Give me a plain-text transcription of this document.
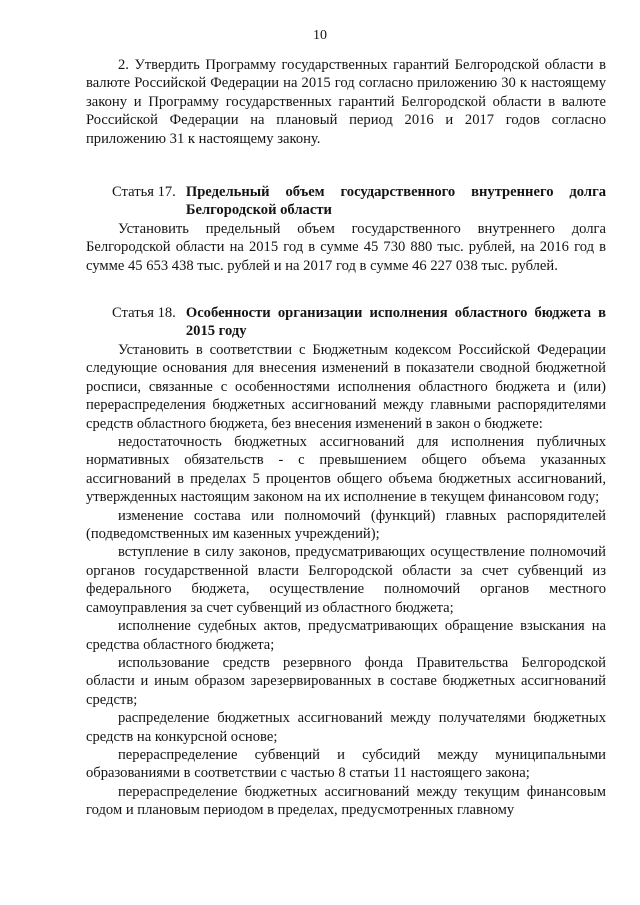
10

2. Утвердить Программу государственных гарантий Белгородской области в валюте Российской Федерации на 2015 год согласно приложению 30 к настоящему закону и Программу государственных гарантий Белгородской области в валюте Российской Федерации на плановый период 2016 и 2017 годов согласно приложению 31 к настоящему закону.

Статья 17. Предельный объем государственного внутреннего долга Белгородской области

Установить предельный объем государственного внутреннего долга Белгородской области на 2015 год в сумме 45 730 880 тыс. рублей, на 2016 год в сумме 45 653 438 тыс. рублей и на 2017 год в сумме 46 227 038 тыс. рублей.

Статья 18. Особенности организации исполнения областного бюджета в 2015 году

Установить в соответствии с Бюджетным кодексом Российской Федерации следующие основания для внесения изменений в показатели сводной бюджетной росписи, связанные с особенностями исполнения областного бюджета и (или) перераспределения бюджетных ассигнований между главными распорядителями средств областного бюджета, без внесения изменений в закон о бюджете:

недостаточность бюджетных ассигнований для исполнения публичных нормативных обязательств - с превышением общего объема указанных ассигнований в пределах 5 процентов общего объема бюджетных ассигнований, утвержденных настоящим законом на их исполнение в текущем финансовом году;

изменение состава или полномочий (функций) главных распорядителей (подведомственных им казенных учреждений);

вступление в силу законов, предусматривающих осуществление полномочий органов государственной власти Белгородской области за счет субвенций из федерального бюджета, осуществление полномочий органов местного самоуправления за счет субвенций из областного бюджета;

исполнение судебных актов, предусматривающих обращение взыскания на средства областного бюджета;

использование средств резервного фонда Правительства Белгородской области и иным образом зарезервированных в составе бюджетных ассигнований средств;

распределение бюджетных ассигнований между получателями бюджетных средств на конкурсной основе;

перераспределение субвенций и субсидий между муниципальными образованиями в соответствии с частью 8 статьи 11 настоящего закона;

перераспределение бюджетных ассигнований между текущим финансовым годом и плановым периодом в пределах, предусмотренных главному
